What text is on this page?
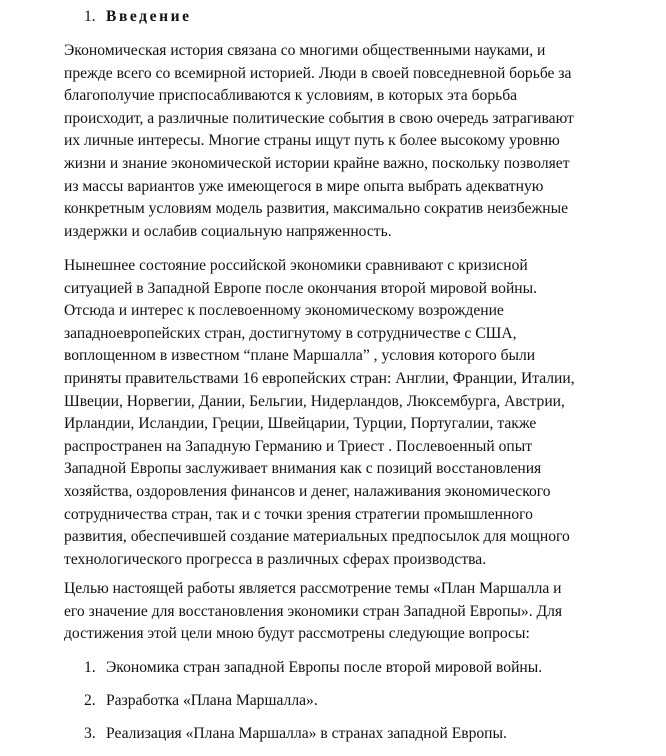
1. Введение

Экономическая история связана со многими общественными науками, и
прежде всего со всемирной историей. Люди в своей повседневной борьбе за
благополучие приспосабливаются к условиям, в которых эта борьба
происходит, а различные политические события в свою очередь затрагивают
их личные интересы. Многие страны ищут путь к более высокому уровню
жизни и знание экономической истории крайне важно, поскольку позволяет
из массы вариантов уже имеющегося в мире опыта выбрать адекватную
конкретным условиям модель развития, максимально сократив неизбежные
издержки и ослабив социальную напряженность.

Нынешнее состояние российской экономики сравнивают с кризисной
ситуацией в Западной Европе после окончания второй мировой войны.
Отсюда и интерес к послевоенному экономическому возрождение
западноевропейских стран, достигнутому в сотрудничестве с США,
воплощенном в известном “плане Маршалла” , условия которого были
приняты правительствами 16 европейских стран: Англии, Франции, Италии,
Швеции, Норвегии, Дании, Бельгии, Нидерландов, Люксембурга, Австрии,
Ирландии, Исландии, Греции, Швейцарии, Турции, Португалии, также
распространен на Западную Германию и Триест . Послевоенный опыт
Западной Европы заслуживает внимания как с позиций восстановления
хозяйства, оздоровления финансов и денег, налаживания экономического
сотрудничества стран, так и с точки зрения стратегии промышленного
развития, обеспечившей создание материальных предпосылок для мощного
технологического прогресса в различных сферах производства.

Целью настоящей работы является рассмотрение темы «План Маршалла и
его значение для восстановления экономики стран Западной Европы». Для
достижения этой цели мною будут рассмотрены следующие вопросы:

1. Экономика стран западной Европы после второй мировой войны.
2. Разработка «Плана Маршалла».
3. Реализация «Плана Маршалла» в странах западной Европы.
